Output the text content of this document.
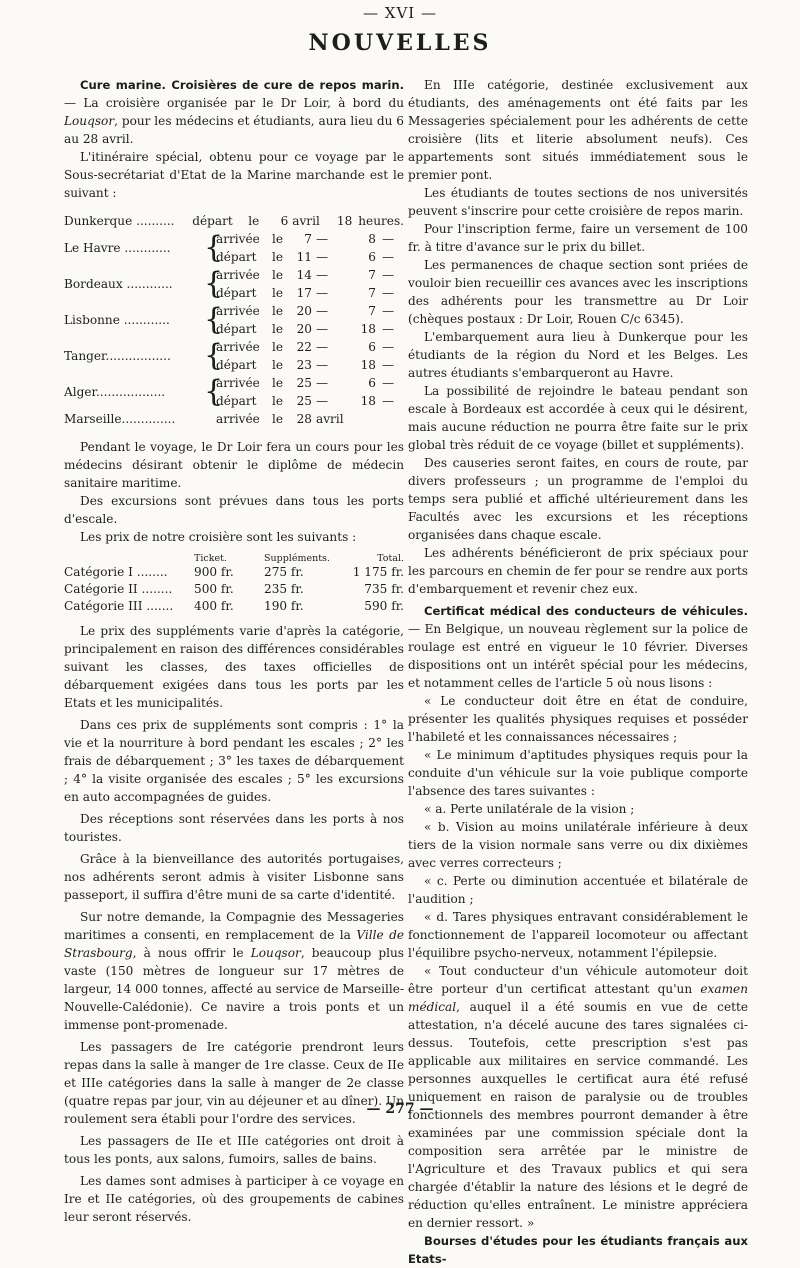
— XVI —
NOUVELLES

Cure marine. Croisières de cure de repos marin. — La croisière organisée par le Dr Loir, à bord du Louqsor, pour les médecins et étudiants, aura lieu du 6 au 28 avril.

L'itinéraire spécial, obtenu pour ce voyage par le Sous-secrétariat d'Etat de la Marine marchande est le suivant :

Dunkerque ..........	départ	le	6 avril	18 heures.
Le Havre ............	{
arrivée	le	7 —	8 —
départ	le	11 —	6 —
Bordeaux ............	{
arrivée	le	14 —	7 —
départ	le	17 —	7 —
Lisbonne ............	{
arrivée	le	20 —	7 —
départ	le	20 —	18 —
Tanger.................	{
arrivée	le	22 —	6 —
départ	le	23 —	18 —
Alger..................	{
arrivée	le	25 —	6 —
départ	le	25 —	18 —
Marseille..............	arrivée	le	28 avril

Pendant le voyage, le Dr Loir fera un cours pour les médecins désirant obtenir le diplôme de médecin sanitaire maritime.

Des excursions sont prévues dans tous les ports d'escale.

Les prix de notre croisière sont les suivants :

Ticket.	Suppléments.	Total.
Catégorie I ........	900 fr.	275 fr.	1 175 fr.
Catégorie II ........	500 fr.	235 fr.	735 fr.
Catégorie III .......	400 fr.	190 fr.	590 fr.

Le prix des suppléments varie d'après la catégorie, principalement en raison des différences considérables suivant les classes, des taxes officielles de débarquement exigées dans tous les ports par les Etats et les municipalités.

Dans ces prix de suppléments sont compris : 1° la vie et la nourriture à bord pendant les escales ; 2° les frais de débarquement ; 3° les taxes de débarquement ; 4° la visite organisée des escales ; 5° les excursions en auto accompagnées de guides.

Des réceptions sont réservées dans les ports à nos touristes.

Grâce à la bienveillance des autorités portugaises, nos adhérents seront admis à visiter Lisbonne sans passeport, il suffira d'être muni de sa carte d'identité.

Sur notre demande, la Compagnie des Messageries maritimes a consenti, en remplacement de la Ville de Strasbourg, à nous offrir le Louqsor, beaucoup plus vaste (150 mètres de longueur sur 17 mètres de largeur, 14 000 tonnes, affecté au service de Marseille-Nouvelle-Calédonie). Ce navire a trois ponts et un immense pont-promenade.

Les passagers de Ire catégorie prendront leurs repas dans la salle à manger de 1re classe. Ceux de IIe et IIIe catégories dans la salle à manger de 2e classe (quatre repas par jour, vin au déjeuner et au dîner). Un roulement sera établi pour l'ordre des services.

Les passagers de IIe et IIIe catégories ont droit à tous les ponts, aux salons, fumoirs, salles de bains.

Les dames sont admises à participer à ce voyage en Ire et IIe catégories, où des groupements de cabines leur seront réservés.

En IIIe catégorie, destinée exclusivement aux étudiants, des aménagements ont été faits par les Messageries spécialement pour les adhérents de cette croisière (lits et literie absolument neufs). Ces appartements sont situés immédiatement sous le premier pont.

Les étudiants de toutes sections de nos universités peuvent s'inscrire pour cette croisière de repos marin.

Pour l'inscription ferme, faire un versement de 100 fr. à titre d'avance sur le prix du billet.

Les permanences de chaque section sont priées de vouloir bien recueillir ces avances avec les inscriptions des adhérents pour les transmettre au Dr Loir (chèques postaux : Dr Loir, Rouen C/c 6345).

L'embarquement aura lieu à Dunkerque pour les étudiants de la région du Nord et les Belges. Les autres étudiants s'embarqueront au Havre.

La possibilité de rejoindre le bateau pendant son escale à Bordeaux est accordée à ceux qui le désirent, mais aucune réduction ne pourra être faite sur le prix global très réduit de ce voyage (billet et suppléments).

Des causeries seront faites, en cours de route, par divers professeurs ; un programme de l'emploi du temps sera publié et affiché ultérieurement dans les Facultés avec les excursions et les réceptions organisées dans chaque escale.

Les adhérents bénéficieront de prix spéciaux pour les parcours en chemin de fer pour se rendre aux ports d'embarquement et revenir chez eux.

Certificat médical des conducteurs de véhicules. — En Belgique, un nouveau règlement sur la police de roulage est entré en vigueur le 10 février. Diverses dispositions ont un intérêt spécial pour les médecins, et notamment celles de l'article 5 où nous lisons :

« Le conducteur doit être en état de conduire, présenter les qualités physiques requises et posséder l'habileté et les connaissances nécessaires ;

« Le minimum d'aptitudes physiques requis pour la conduite d'un véhicule sur la voie publique comporte l'absence des tares suivantes :

« a. Perte unilatérale de la vision ;

« b. Vision au moins unilatérale inférieure à deux tiers de la vision normale sans verre ou dix dixièmes avec verres correcteurs ;

« c. Perte ou diminution accentuée et bilatérale de l'audition ;

« d. Tares physiques entravant considérablement le fonctionnement de l'appareil locomoteur ou affectant l'équilibre psycho-nerveux, notamment l'épilepsie.

« Tout conducteur d'un véhicule automoteur doit être porteur d'un certificat attestant qu'un examen médical, auquel il a été soumis en vue de cette attestation, n'a décelé aucune des tares signalées ci-dessus. Toutefois, cette prescription s'est pas applicable aux militaires en service commandé. Les personnes auxquelles le certificat aura été refusé uniquement en raison de paralysie ou de troubles fonctionnels des membres pourront demander à être examinées par une commission spéciale dont la composition sera arrêtée par le ministre de l'Agriculture et des Travaux publics et qui sera chargée d'établir la nature des lésions et le degré de réduction qu'elles entraînent. Le ministre appréciera en dernier ressort. »

Bourses d'études pour les étudiants français aux Etats-

— 277 —
